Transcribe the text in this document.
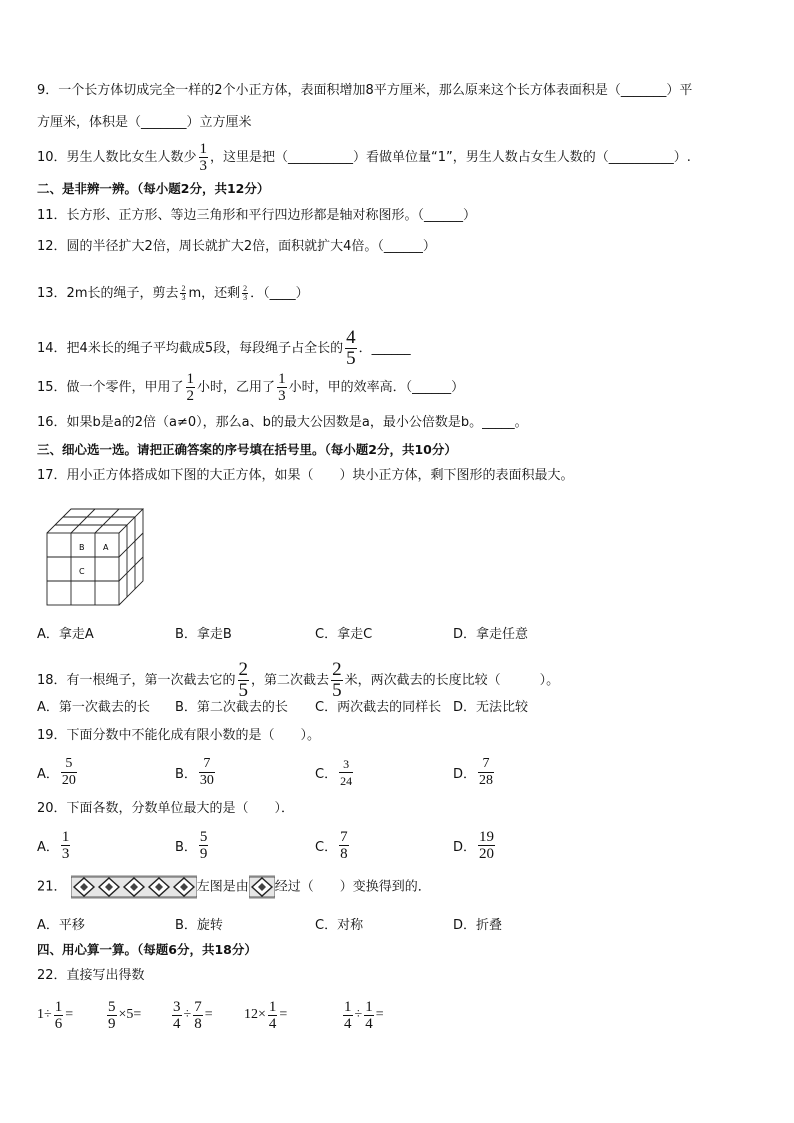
9．一个长方体切成完全一样的2个小正方体，表面积增加8平方厘米，那么原来这个长方体表面积是（_______）平
方厘米，体积是（_______）立方厘米
10．男生人数比女生人数少 $\frac{1}{3}$ ，这里是把（__________）看做单位量“1”，男生人数占女生人数的（__________）.
二、是非辨一辨。（每小题2分，共12分）
11．长方形、正方形、等边三角形和平行四边形都是轴对称图形。（______）
12．圆的半径扩大2倍，周长就扩大2倍，面积就扩大4倍。（______）
13．2m长的绳子，剪去 $\frac{2}{3}$ m，还剩 $\frac{2}{3}$ ．（____）
14．把4米长的绳子平均截成5段，每段绳子占全长的 $\frac{4}{5}$ ．______
15．做一个零件，甲用了 $\frac{1}{2}$ 小时，乙用了 $\frac{1}{3}$ 小时，甲的效率高．（______）
16．如果b是a的2倍（a≠0），那么a、b的最大公因数是a，最小公倍数是b。_____。
三、细心选一选。请把正确答案的序号填在括号里。（每小题2分，共10分）
17．用小正方体搭成如下图的大正方体，如果（　　）块小正方体，剩下图形的表面积最大。
B A
C
A．拿走A	B．拿走B	C．拿走C	D．拿走任意
18．有一根绳子，第一次截去它的 $\frac{2}{5}$ ，第二次截去 $\frac{2}{5}$ 米，两次截去的长度比较（　　　）。
A．第一次截去的长 B．第二次截去的长 C．两次截去的同样长 D．无法比较
19．下面分数中不能化成有限小数的是（　　）。
A． $\frac{5}{20}$	B． $\frac{7}{30}$	C． $\frac{3}{24}$	D． $\frac{7}{28}$
20．下面各数，分数单位最大的是（　　）．
A． $\frac{1}{3}$	B． $\frac{5}{9}$	C． $\frac{7}{8}$	D． $\frac{19}{20}$
21．	左图是由 经过（　　）变换得到的．
A．平移	B．旋转	C．对称	D．折叠
四、用心算一算。（每题6分，共18分）
22．直接写出得数
$1\div \frac{1}{6} = \frac{5}{9} \times 5= \frac{3}{4} \div \frac{7}{8} = 12\times \frac{1}{4}$ =	$\frac{1}{4} \div \frac{1}{4}$ =
